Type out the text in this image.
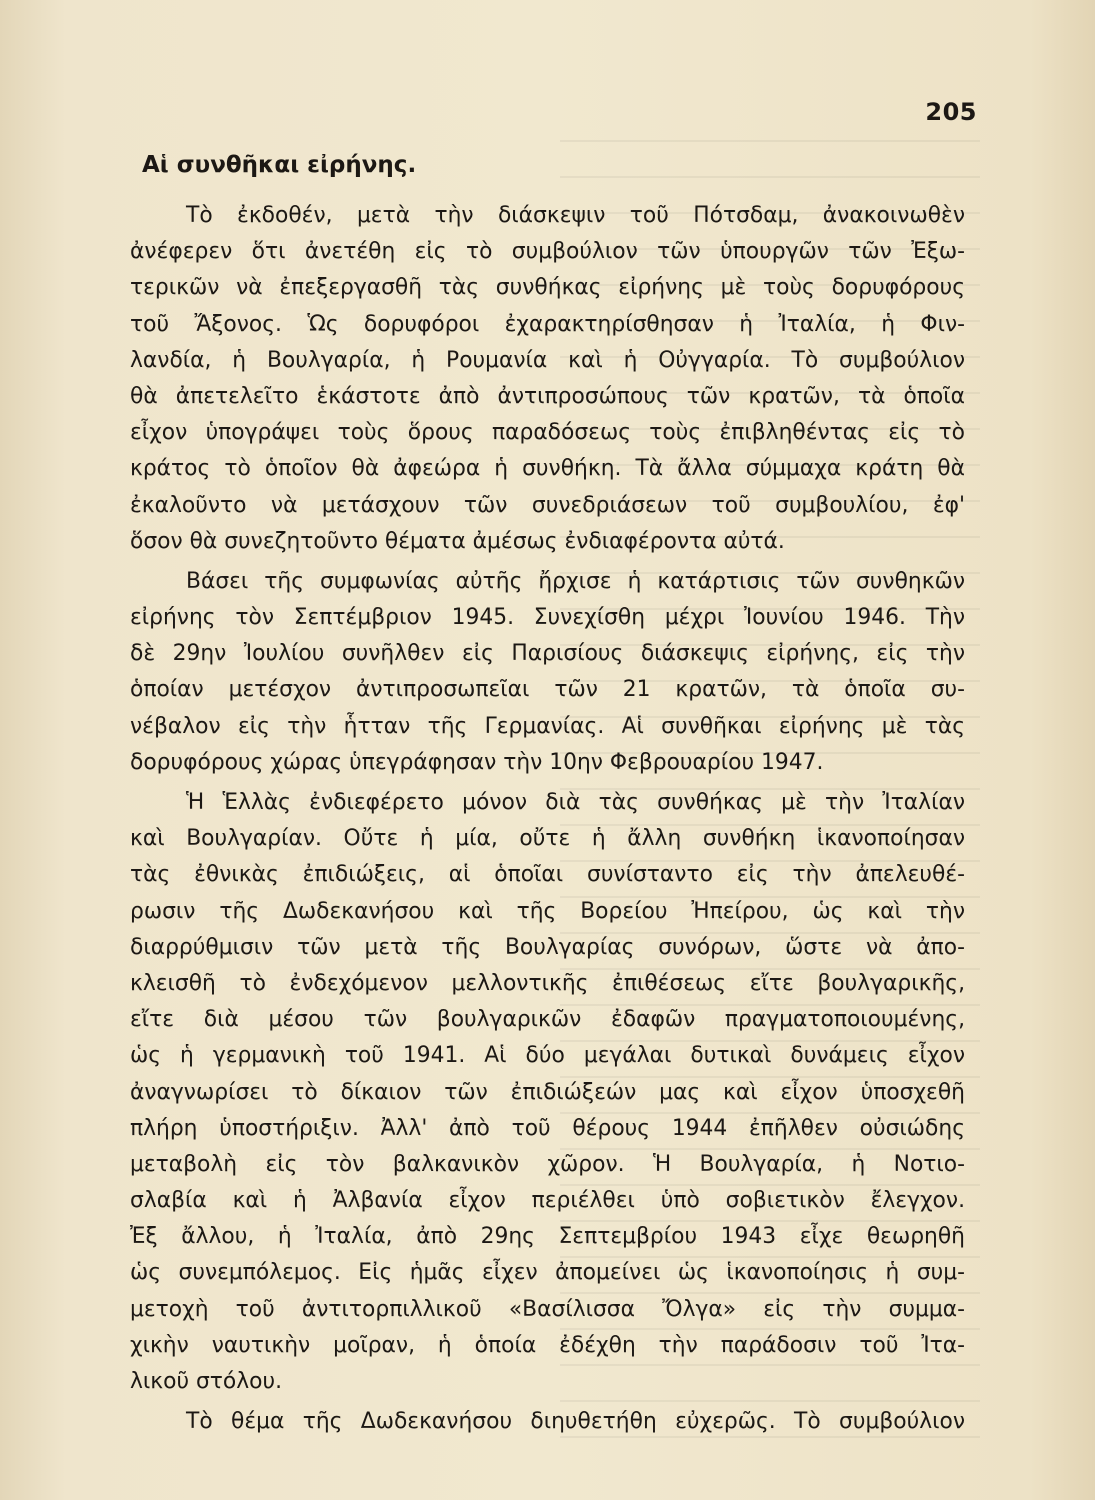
205
Αἱ συνθῆκαι εἰρήνης.
Τὸ ἐκδοθέν, μετὰ τὴν διάσκεψιν τοῦ Πότσδαμ, ἀνακοινωθὲν
ἀνέφερεν ὅτι ἀνετέθη εἰς τὸ συμβούλιον τῶν ὑπουργῶν τῶν Ἐξω-
τερικῶν νὰ ἐπεξεργασθῆ τὰς συνθήκας εἰρήνης μὲ τοὺς δορυφόρους
τοῦ Ἄξονος. Ὡς δορυφόροι ἐχαρακτηρίσθησαν ἡ Ἰταλία, ἡ Φιν-
λανδία, ἡ Βουλγαρία, ἡ Ρουμανία καὶ ἡ Οὐγγαρία. Τὸ συμβούλιον
θὰ ἀπετελεῖτο ἑκάστοτε ἀπὸ ἀντιπροσώπους τῶν κρατῶν, τὰ ὁποῖα
εἶχον ὑπογράψει τοὺς ὅρους παραδόσεως τοὺς ἐπιβληθέντας εἰς τὸ
κράτος τὸ ὁποῖον θὰ ἀφεώρα ἡ συνθήκη. Τὰ ἄλλα σύμμαχα κράτη θὰ
ἐκαλοῦντο νὰ μετάσχουν τῶν συνεδριάσεων τοῦ συμβουλίου, ἐφ'
ὅσον θὰ συνεζητοῦντο θέματα ἀμέσως ἐνδιαφέροντα αὐτά.
Βάσει τῆς συμφωνίας αὐτῆς ἤρχισε ἡ κατάρτισις τῶν συνθηκῶν
εἰρήνης τὸν Σεπτέμβριον 1945. Συνεχίσθη μέχρι Ἰουνίου 1946. Τὴν
δὲ 29ην Ἰουλίου συνῆλθεν εἰς Παρισίους διάσκεψις εἰρήνης, εἰς τὴν
ὁποίαν μετέσχον ἀντιπροσωπεῖαι τῶν 21 κρατῶν, τὰ ὁποῖα συ-
νέβαλον εἰς τὴν ἧτταν τῆς Γερμανίας. Αἱ συνθῆκαι εἰρήνης μὲ τὰς
δορυφόρους χώρας ὑπεγράφησαν τὴν 10ην Φεβρουαρίου 1947.
Ἡ Ἑλλὰς ἐνδιεφέρετο μόνον διὰ τὰς συνθήκας μὲ τὴν Ἰταλίαν
καὶ Βουλγαρίαν. Οὔτε ἡ μία, οὔτε ἡ ἄλλη συνθήκη ἱκανοποίησαν
τὰς ἐθνικὰς ἐπιδιώξεις, αἱ ὁποῖαι συνίσταντο εἰς τὴν ἀπελευθέ-
ρωσιν τῆς Δωδεκανήσου καὶ τῆς Βορείου Ἠπείρου, ὡς καὶ τὴν
διαρρύθμισιν τῶν μετὰ τῆς Βουλγαρίας συνόρων, ὥστε νὰ ἀπο-
κλεισθῆ τὸ ἐνδεχόμενον μελλοντικῆς ἐπιθέσεως εἴτε βουλγαρικῆς,
εἴτε διὰ μέσου τῶν βουλγαρικῶν ἐδαφῶν πραγματοποιουμένης,
ὡς ἡ γερμανικὴ τοῦ 1941. Αἱ δύο μεγάλαι δυτικαὶ δυνάμεις εἶχον
ἀναγνωρίσει τὸ δίκαιον τῶν ἐπιδιώξεών μας καὶ εἶχον ὑποσχεθῆ
πλήρη ὑποστήριξιν. Ἀλλ' ἀπὸ τοῦ θέρους 1944 ἐπῆλθεν οὐσιώδης
μεταβολὴ εἰς τὸν βαλκανικὸν χῶρον. Ἡ Βουλγαρία, ἡ Νοτιο-
σλαβία καὶ ἡ Ἀλβανία εἶχον περιέλθει ὑπὸ σοβιετικὸν ἔλεγχον.
Ἐξ ἄλλου, ἡ Ἰταλία, ἀπὸ 29ης Σεπτεμβρίου 1943 εἶχε θεωρηθῆ
ὡς συνεμπόλεμος. Εἰς ἡμᾶς εἶχεν ἀπομείνει ὡς ἱκανοποίησις ἡ συμ-
μετοχὴ τοῦ ἀντιτορπιλλικοῦ «Βασίλισσα Ὄλγα» εἰς τὴν συμμα-
χικὴν ναυτικὴν μοῖραν, ἡ ὁποία ἐδέχθη τὴν παράδοσιν τοῦ Ἰτα-
λικοῦ στόλου.
Τὸ θέμα τῆς Δωδεκανήσου διηυθετήθη εὐχερῶς. Τὸ συμβούλιον
